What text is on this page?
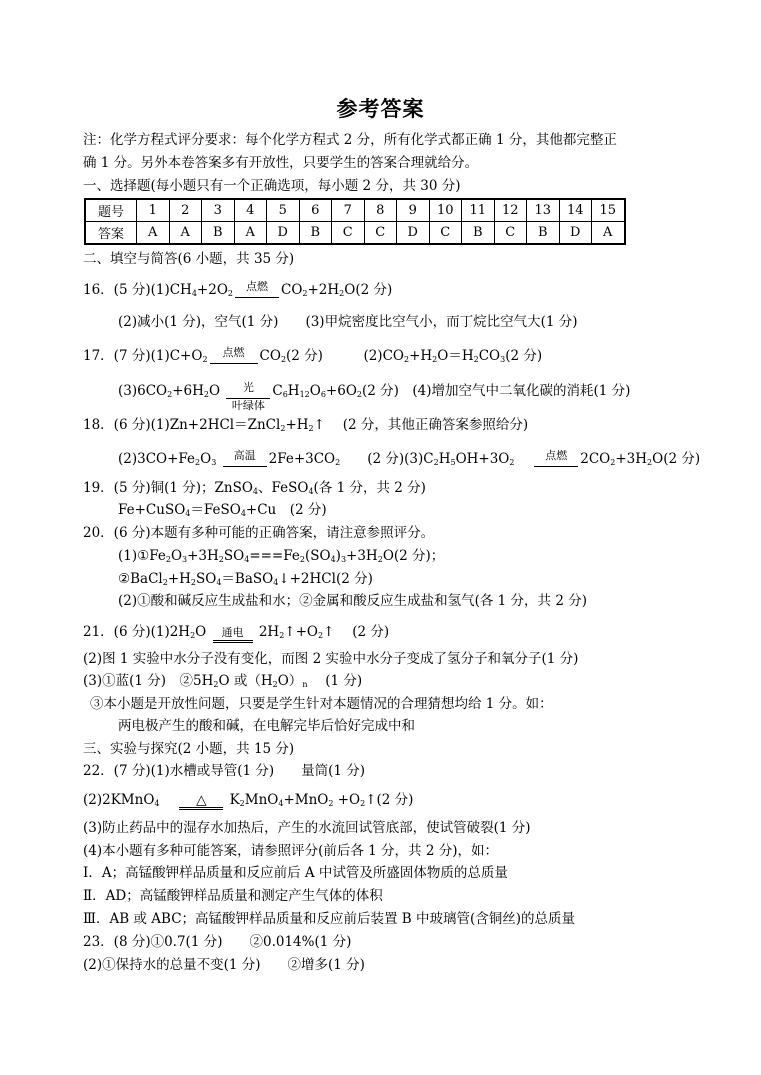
参考答案
注：化学方程式评分要求：每个化学方程式 2 分，所有化学式都正确 1 分，其他都完整正
确 1 分。另外本卷答案多有开放性，只要学生的答案合理就给分。
一、选择题(每小题只有一个正确选项，每小题 2 分，共 30 分)
题号	1	2	3	4	5	6	7	8	9	10	11	12	13	14	15
答案	A	A	B	A	D	B	C	C	D	C	B	C	B	D	A
二、填空与简答(6 小题，共 35 分)
16．(5 分)$(1)CH_4+2O_2$
点燃 $CO_2+2H_2O(2$ 分)
(2)减小(1 分)，空气(1 分)　　(3)甲烷密度比空气小，而丁烷比空气大(1 分)
17．(7 分)$(1)C+O_2$
点燃	$CO_2(2$ 分)　　　	$(2)CO_2+H_2O=H_2CO_3(2$ 分)
$(3)6CO_2+6H_2O$	光
叶绿体
$C_6H_{12}O_6+6O_2(2$ 分)　 (4)增加空气中二氧化碳的消耗(1 分)
18．(6 分)$(1)Zn+2HCl=ZnCl_2+H_2↑$　 (2 分，其他正确答案参照给分)
$(2)3CO+Fe_2O_3$
高温 $2Fe+3CO_2$　　 (2 分)$(3)C_2H_5OH+3O_2$　
点燃 $2CO_2+3H_2O(2$ 分)
19．(5 分)铜(1 分)；ZnSO$_4$、FeSO$_4$(各 1 分，共 2 分)
Fe+CuSO$_4$＝FeSO$_4$+Cu　(2 分)
20．(6 分)本题有多种可能的正确答案，请注意参照评分。
$(1)①Fe_2O_3+3H_2SO_4===Fe_2(SO_4)_3+3H_2O(2$ 分)；
$②BaCl_2+H_2SO_4=BaSO_4↓+2HCl(2$ 分)
(2)①酸和碱反应生成盐和水；②金属和酸反应生成盐和氢气(各 1 分，共 2 分)
21．(6 分)$(1)2H_2O$ 通电 $2H_2↑+O_2↑$　 (2 分)
(2)图 1 实验中水分子没有变化，而图 2 实验中水分子变成了氢分子和氧分子(1 分)
(3)①蓝(1 分)　$②5H_2O$ 或$(H_2O)_n$　 (1 分)
③本小题是开放性问题，只要是学生针对本题情况的合理猜想均给 1 分。如：
两电极产生的酸和碱，在电解完毕后恰好完成中和
三、实验与探究(2 小题，共 15 分)
22．(7 分)(1)水槽或导管(1 分)　　量筒(1 分)
(2)2KMnO$_4$　	△ $K_2MnO_4+MnO_2$ $+O_2↑(2$ 分)
(3)防止药品中的湿存水加热后，产生的水流回试管底部，使试管破裂(1 分)
(4)本小题有多种可能答案，请参照评分(前后各 1 分，共 2 分)，如：
Ⅰ．A；高锰酸钾样品质量和反应前后 A 中试管及所盛固体物质的总质量
Ⅱ．AD；高锰酸钾样品质量和测定产生气体的体积
Ⅲ．AB 或 ABC；高锰酸钾样品质量和反应前后装置 B 中玻璃管(含铜丝)的总质量
23．(8 分)①0.7(1 分)　　②0.014%(1 分)
(2)①保持水的总量不变(1 分)　　②增多(1 分)
